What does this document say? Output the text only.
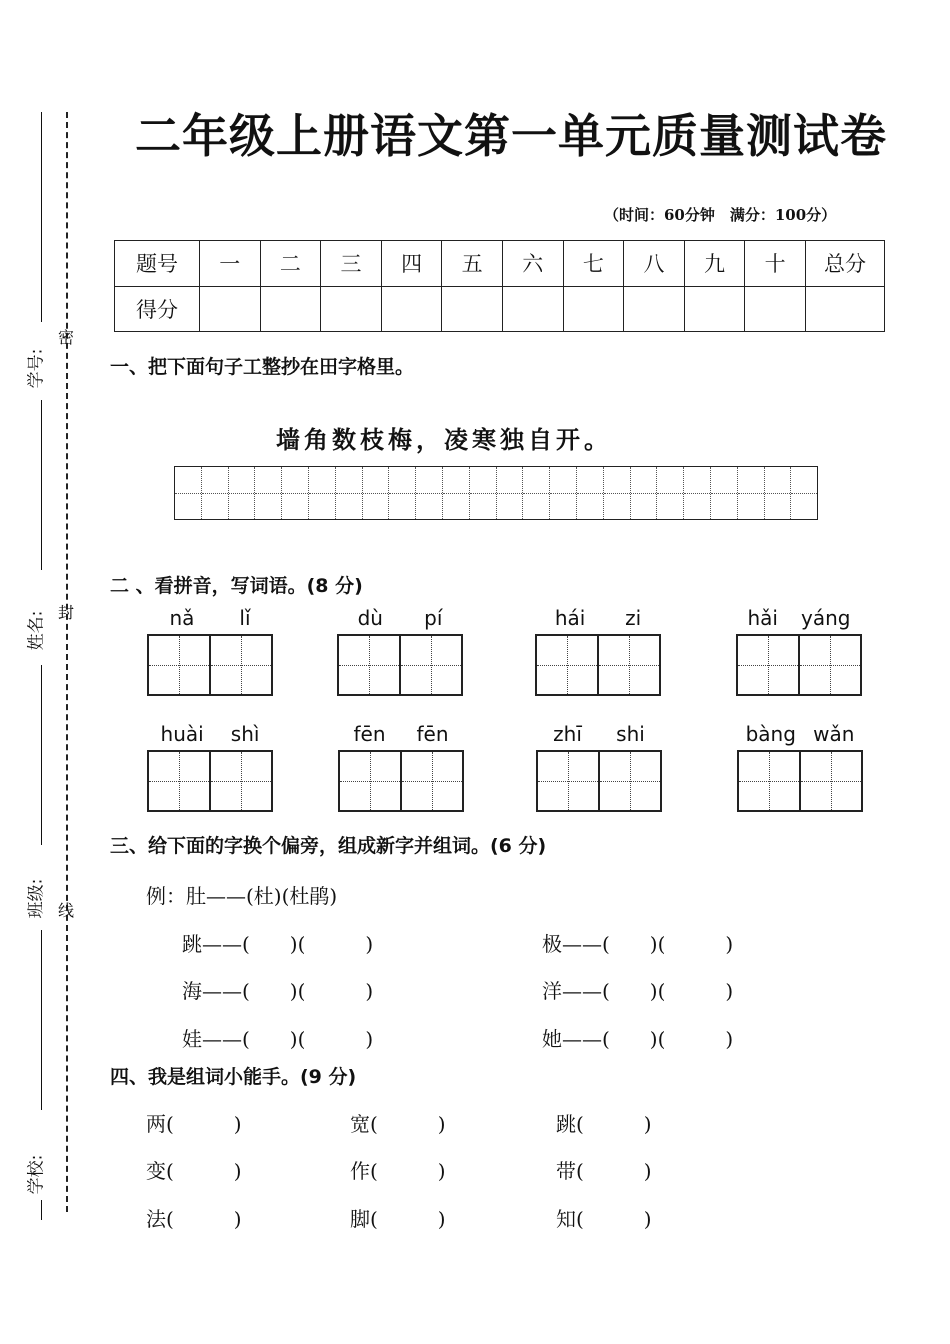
学号:
姓名:
班级:
学校:
密
封
线
二年级上册语文第一单元质量测试卷
（时间：60分钟　满分：100分）
题号	一	二	三	四	五	六	七	八	九	十	总分
得分											
一、把下面句子工整抄在田字格里。
墙角数枝梅，凌寒独自开。
二 、看拼音，写词语。(8 分)
nǎ lǐ	dù pí	hái zi	hǎi yáng
huài shì	fēn fēn	zhī shi	bàng wǎn
三、给下面的字换个偏旁，组成新字并组词。(6 分)
例：肚——(杜)(杜鹃)
跳——(　　)(　　　)	极——(　　)(　　　)
海——(　　)(　　　)	洋——(　　)(　　　)
娃——(　　)(　　　)	她——(　　)(　　　)
四、我是组词小能手。(9 分)
两(　　　)	宽(　　　)	跳(　　　)
变(　　　)	作(　　　)	带(　　　)
法(　　　)	脚(　　　)	知(　　　)
